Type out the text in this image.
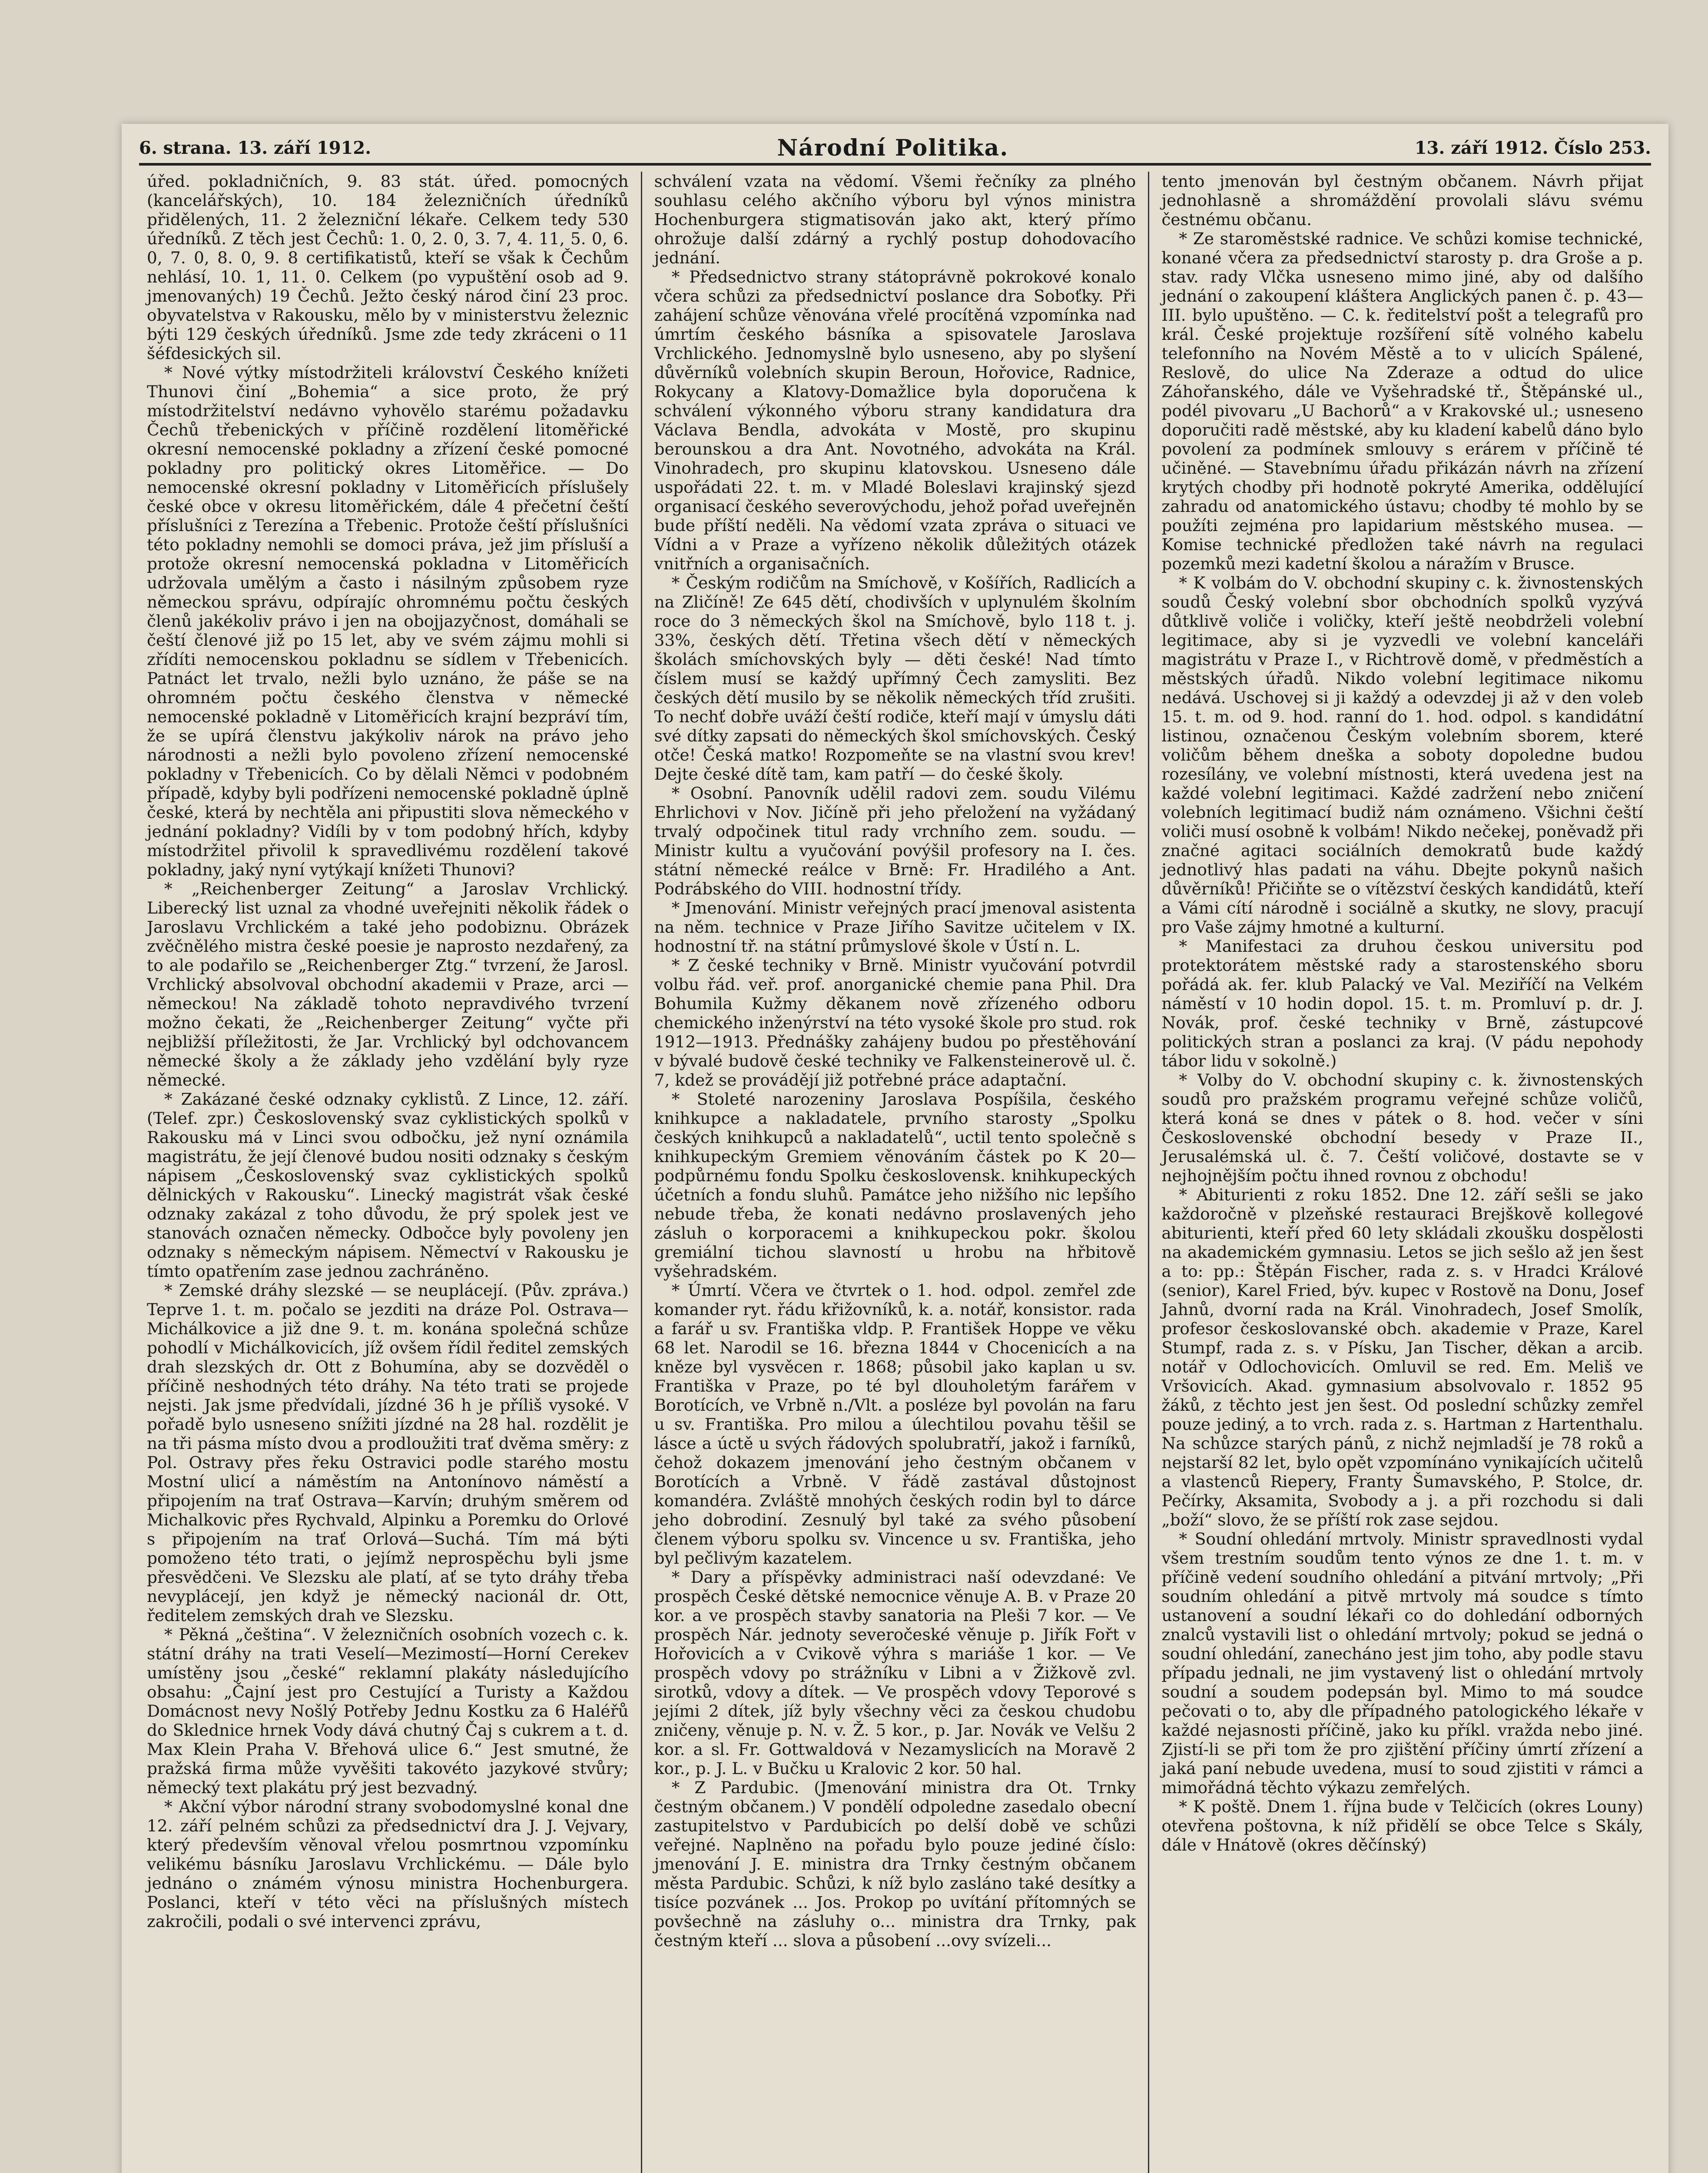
6. strana. 13. září 1912.	Národní Politika.	13. září 1912. Číslo 253.

úřed. pokladničních, 9. 83 stát. úřed. pomocných (kancelářských), 10. 184 železničních úředníků přidělených, 11. 2 železniční lékaře. Celkem tedy 530 úředníků. Z těch jest Čechů: 1. 0, 2. 0, 3. 7, 4. 11, 5. 0, 6. 0, 7. 0, 8. 0, 9. 8 certifikatistů, kteří se však k Čechům nehlásí, 10. 1, 11. 0. Celkem (po vypuštění osob ad 9. jmenovaných) 19 Čechů. Ježto český národ činí 23 proc. obyvatelstva v Rakousku, mělo by v ministerstvu železnic býti 129 českých úředníků. Jsme zde tedy zkráceni o 11 šéfdesických sil.

* Nové výtky místodržiteli království Českého knížeti Thunovi činí „Bohemia“ a sice proto, že prý místodržitelství nedávno vyhovělo starému požadavku Čechů třebenických v příčině rozdělení litoměřické okresní nemocenské pokladny a zřízení české pomocné pokladny pro politický okres Litoměřice. — Do nemocenské okresní pokladny v Litoměřicích příslušely české obce v okresu litoměřickém, dále 4 přečetní čeští příslušníci z Terezína a Třebenic. Protože čeští příslušníci této pokladny nemohli se domoci práva, jež jim přísluší a protože okresní nemocenská pokladna v Litoměřicích udržovala umělým a často i násilným způsobem ryze německou správu, odpírajíc ohromnému počtu českých členů jakékoliv právo i jen na obojjazyčnost, domáhali se čeští členové již po 15 let, aby ve svém zájmu mohli si zřídíti nemocenskou pokladnu se sídlem v Třebenicích. Patnáct let trvalo, nežli bylo uznáno, že páše se na ohromném počtu českého členstva v německé nemocenské pokladně v Litoměřicích krajní bezpráví tím, že se upírá členstvu jakýkoliv nárok na právo jeho národnosti a nežli bylo povoleno zřízení nemocenské pokladny v Třebenicích. Co by dělali Němci v podobném případě, kdyby byli podřízeni nemocenské pokladně úplně české, která by nechtěla ani připustiti slova německého v jednání pokladny? Vidíli by v tom podobný hřích, kdyby místodržitel přivolil k spravedlivému rozdělení takové pokladny, jaký nyní vytýkají knížeti Thunovi?

* „Reichenberger Zeitung“ a Jaroslav Vrchlický. Liberecký list uznal za vhodné uveřejniti několik řádek o Jaroslavu Vrchlickém a také jeho podobiznu. Obrázek zvěčnělého mistra české poesie je naprosto nezdařený, za to ale podařilo se „Reichenberger Ztg.“ tvrzení, že Jarosl. Vrchlický absolvoval obchodní akademii v Praze, arci — německou! Na základě tohoto nepravdivého tvrzení možno čekati, že „Reichenberger Zeitung“ vyčte při nejbližší příležitosti, že Jar. Vrchlický byl odchovancem německé školy a že základy jeho vzdělání byly ryze německé.

* Zakázané české odznaky cyklistů. Z Lince, 12. září. (Telef. zpr.) Československý svaz cyklistických spolků v Rakousku má v Linci svou odbočku, jež nyní oznámila magistrátu, že její členové budou nositi odznaky s českým nápisem „Československý svaz cyklistických spolků dělnických v Rakousku“. Linecký magistrát však české odznaky zakázal z toho důvodu, že prý spolek jest ve stanovách označen německy. Odbočce byly povoleny jen odznaky s německým nápisem. Němectví v Rakousku je tímto opatřením zase jednou zachráněno.

* Zemské dráhy slezské — se neuplácejí. (Pův. zpráva.) Teprve 1. t. m. počalo se jezditi na dráze Pol. Ostrava—Michálkovice a již dne 9. t. m. konána společná schůze pohodlí v Michálkovicích, jíž ovšem řídil ředitel zemských drah slezských dr. Ott z Bohumína, aby se dozvěděl o příčině neshodných této dráhy. Na této trati se projede nejsti. Jak jsme předvídali, jízdné 36 h je příliš vysoké. V pořadě bylo usneseno snížiti jízdné na 28 hal. rozdělit je na tři pásma místo dvou a prodloužiti trať dvěma směry: z Pol. Ostravy přes řeku Ostravici podle starého mostu Mostní ulicí a náměstím na Antonínovo náměstí a připojením na trať Ostrava—Karvín; druhým směrem od Michalkovic přes Rychvald, Alpinku a Poremku do Orlové s připojením na trať Orlová—Suchá. Tím má býti pomoženo této trati, o jejímž neprospěchu byli jsme přesvědčeni. Ve Slezsku ale platí, ať se tyto dráhy třeba nevyplácejí, jen když je německý nacionál dr. Ott, ředitelem zemských drah ve Slezsku.

* Pěkná „čeština“. V železničních osobních vozech c. k. státní dráhy na trati Veselí—Mezimostí—Horní Cerekev umístěny jsou „české“ reklamní plakáty následujícího obsahu: „Čajní jest pro Cestující a Turisty a Každou Domácnost nevy Nošlý Potřeby Jednu Kostku za 6 Haléřů do Sklednice hrnek Vody dává chutný Čaj s cukrem a t. d. Max Klein Praha V. Břehová ulice 6.“ Jest smutné, že pražská firma může vyvěšiti takovéto jazykové stvůry; německý text plakátu prý jest bezvadný.

* Akční výbor národní strany svobodomyslné konal dne 12. září pelném schůzi za předsednictví dra J. J. Vejvary, který především věnoval vřelou posmrtnou vzpomínku velikému básníku Jaroslavu Vrchlickému. — Dále bylo jednáno o známém výnosu ministra Hochenburgera. Poslanci, kteří v této věci na příslušných místech zakročili, podali o své intervenci zprávu,

schválení vzata na vědomí. Všemi řečníky za plného souhlasu celého akčního výboru byl výnos ministra Hochenburgera stigmatisován jako akt, který přímo ohrožuje další zdárný a rychlý postup dohodovacího jednání.

* Předsednictvo strany státoprávně pokrokové konalo včera schůzi za předsednictví poslance dra Soboťky. Při zahájení schůze věnována vřelé procítěná vzpomínka nad úmrtím českého básníka a spisovatele Jaroslava Vrchlického. Jednomyslně bylo usneseno, aby po slyšení důvěrníků volebních skupin Beroun, Hořovice, Radnice, Rokycany a Klatovy-Domažlice byla doporučena k schválení výkonného výboru strany kandidatura dra Václava Bendla, advokáta v Mostě, pro skupinu berounskou a dra Ant. Novotného, advokáta na Král. Vinohradech, pro skupinu klatovskou. Usneseno dále uspořádati 22. t. m. v Mladé Boleslavi krajinský sjezd organisací českého severovýchodu, jehož pořad uveřejněn bude příští neděli. Na vědomí vzata zpráva o situaci ve Vídni a v Praze a vyřízeno několik důležitých otázek vnitřních a organisačních.

* Českým rodičům na Smíchově, v Košířích, Radlicích a na Zličíně! Ze 645 dětí, chodivších v uplynulém školním roce do 3 německých škol na Smíchově, bylo 118 t. j. 33%, českých dětí. Třetina všech dětí v německých školách smíchovských byly — děti české! Nad tímto číslem musí se každý upřímný Čech zamysliti. Bez českých dětí musilo by se několik německých tříd zrušiti. To nechť dobře uváží čeští rodiče, kteří mají v úmyslu dáti své dítky zapsati do německých škol smíchovských. Český otče! Česká matko! Rozpomeňte se na vlastní svou krev! Dejte české dítě tam, kam patří — do české školy.

* Osobní. Panovník udělil radovi zem. soudu Vilému Ehrlichovi v Nov. Jičíně při jeho přeložení na vyžádaný trvalý odpočinek titul rady vrchního zem. soudu. — Ministr kultu a vyučování povýšil profesory na I. čes. státní německé reálce v Brně: Fr. Hradilého a Ant. Podrábského do VIII. hodnostní třídy.

* Jmenování. Ministr veřejných prací jmenoval asistenta na něm. technice v Praze Jiřího Savitze učitelem v IX. hodnostní tř. na státní průmyslové škole v Ústí n. L.

* Z české techniky v Brně. Ministr vyučování potvrdil volbu řád. veř. prof. anorganické chemie pana Phil. Dra Bohumila Kužmy děkanem nově zřízeného odboru chemického inženýrství na této vysoké škole pro stud. rok 1912—1913. Přednášky zahájeny budou po přestěhování v bývalé budově české techniky ve Falkensteinerově ul. č. 7, kdež se provádějí již potřebné práce adaptační.

* Stoleté narozeniny Jaroslava Pospíšila, českého knihkupce a nakladatele, prvního starosty „Spolku českých knihkupců a nakladatelů“, uctil tento společně s knihkupeckým Gremiem věnováním částek po K 20— podpůrnému fondu Spolku československ. knihkupeckých účetních a fondu sluhů. Památce jeho nižšího nic lepšího nebude třeba, že konati nedávno proslavených jeho zásluh o korporacemi a knihkupeckou pokr. školou gremiální tichou slavností u hrobu na hřbitově vyšehradském.

* Úmrtí. Včera ve čtvrtek o 1. hod. odpol. zemřel zde komander ryt. řádu křižovníků, k. a. notář, konsistor. rada a farář u sv. Františka vldp. P. František Hoppe ve věku 68 let. Narodil se 16. března 1844 v Chocenicích a na kněze byl vysvěcen r. 1868; působil jako kaplan u sv. Františka v Praze, po té byl dlouholetým farářem v Borotících, ve Vrbně n./Vlt. a posléze byl povolán na faru u sv. Františka. Pro milou a úlechtilou povahu těšil se lásce a úctě u svých řádových spolubratří, jakož i farníků, čehož dokazem jmenování jeho čestným občanem v Borotících a Vrbně. V řádě zastával důstojnost komandéra. Zvláště mnohých českých rodin byl to dárce jeho dobrodiní. Zesnulý byl také za svého působení členem výboru spolku sv. Vincence u sv. Františka, jeho byl pečlivým kazatelem.

* Dary a příspěvky administraci naší odevzdané: Ve prospěch České dětské nemocnice věnuje A. B. v Praze 20 kor. a ve prospěch stavby sanatoria na Pleši 7 kor. — Ve prospěch Nár. jednoty severočeské věnuje p. Jiřík Fořt v Hořovicích a v Cvikově výhra s mariáše 1 kor. — Ve prospěch vdovy po strážníku v Libni a v Žižkově zvl. sirotků, vdovy a dítek. — Ve prospěch vdovy Teporové s jejími 2 dítek, jíž byly všechny věci za českou chudobu zničeny, věnuje p. N. v. Ž. 5 kor., p. Jar. Novák ve Velšu 2 kor. a sl. Fr. Gottwaldová v Nezamyslicích na Moravě 2 kor., p. J. L. v Bučku u Kralovic 2 kor. 50 hal.

* Z Pardubic. (Jmenování ministra dra Ot. Trnky čestným občanem.) V pondělí odpoledne zasedalo obecní zastupitelstvo v Pardubicích po delší době ve schůzi veřejné. Naplněno na pořadu bylo pouze jediné číslo: jmenování J. E. ministra dra Trnky čestným občanem města Pardubic. Schůzi, k níž bylo zasláno také desítky a tisíce pozvánek ... Jos. Prokop po uvítání přítomných se povšechně na zásluhy o... ministra dra Trnky, pak čestným kteří ... slova a působení ...ovy svízeli...

tento jmenován byl čestným občanem. Návrh přijat jednohlasně a shromáždění provolali slávu svému čestnému občanu.

* Ze staroměstské radnice. Ve schůzi komise technické, konané včera za předsednictví starosty p. dra Groše a p. stav. rady Vlčka usneseno mimo jiné, aby od dalšího jednání o zakoupení kláštera Anglických panen č. p. 43—III. bylo upuštěno. — C. k. ředitelství pošt a telegrafů pro král. České projektuje rozšíření sítě volného kabelu telefonního na Novém Městě a to v ulicích Spálené, Reslově, do ulice Na Zderaze a odtud do ulice Záhořanského, dále ve Vyšehradské tř., Štěpánské ul., podél pivovaru „U Bachorů“ a v Krakovské ul.; usneseno doporučiti radě městské, aby ku kladení kabelů dáno bylo povolení za podmínek smlouvy s erárem v příčině té učiněné. — Stavebnímu úřadu přikázán návrh na zřízení krytých chodby při hodnotě pokryté Amerika, oddělující zahradu od anatomického ústavu; chodby té mohlo by se použíti zejména pro lapidarium městského musea. — Komise technické předložen také návrh na regulaci pozemků mezi kadetní školou a náražím v Brusce.

* K volbám do V. obchodní skupiny c. k. živnostenských soudů Český volební sbor obchodních spolků vyzývá důtklivě voliče i voličky, kteří ještě neobdrželi volební legitimace, aby si je vyzvedli ve volební kanceláři magistrátu v Praze I., v Richtrově domě, v předměstích a městských úřadů. Nikdo volební legitimace nikomu nedává. Uschovej si ji každý a odevzdej ji až v den voleb 15. t. m. od 9. hod. ranní do 1. hod. odpol. s kandidátní listinou, označenou Českým volebním sborem, které voličům během dneška a soboty dopoledne budou rozesílány, ve volební místnosti, která uvedena jest na každé volební legitimaci. Každé zadržení nebo zničení volebních legitimací budiž nám oznámeno. Všichni čeští voliči musí osobně k volbám! Nikdo nečekej, poněvadž při značné agitaci sociálních demokratů bude každý jednotlivý hlas padati na váhu. Dbejte pokynů našich důvěrníků! Přičiňte se o vítězství českých kandidátů, kteří a Vámi cítí národně i sociálně a skutky, ne slovy, pracují pro Vaše zájmy hmotné a kulturní.

* Manifestaci za druhou českou universitu pod protektorátem městské rady a starostenského sboru pořádá ak. fer. klub Palacký ve Val. Meziříčí na Velkém náměstí v 10 hodin dopol. 15. t. m. Promluví p. dr. J. Novák, prof. české techniky v Brně, zástupcové politických stran a poslanci za kraj. (V pádu nepohody tábor lidu v sokolně.)

* Volby do V. obchodní skupiny c. k. živnostenských soudů pro pražském programu veřejné schůze voličů, která koná se dnes v pátek o 8. hod. večer v síni Československé obchodní besedy v Praze II., Jerusalémská ul. č. 7. Čeští voličové, dostavte se v nejhojnějším počtu ihned rovnou z obchodu!

* Abiturienti z roku 1852. Dne 12. září sešli se jako každoročně v plzeňské restauraci Brejškově kollegové abiturienti, kteří před 60 lety skládali zkoušku dospělosti na akademickém gymnasiu. Letos se jich sešlo až jen šest a to: pp.: Štěpán Fischer, rada z. s. v Hradci Králové (senior), Karel Fried, býv. kupec v Rostově na Donu, Josef Jahnů, dvorní rada na Král. Vinohradech, Josef Smolík, profesor českoslovanské obch. akademie v Praze, Karel Stumpf, rada z. s. v Písku, Jan Tischer, děkan a arcib. notář v Odlochovicích. Omluvil se red. Em. Meliš ve Vršovicích. Akad. gymnasium absolvovalo r. 1852 95 žáků, z těchto jest jen šest. Od poslední schůzky zemřel pouze jediný, a to vrch. rada z. s. Hartman z Hartenthalu. Na schůzce starých pánů, z nichž nejmladší je 78 roků a nejstarší 82 let, bylo opět vzpomínáno vynikajících učitelů a vlastenců Riepery, Franty Šumavského, P. Stolce, dr. Pečírky, Aksamita, Svobody a j. a při rozchodu si dali „boží“ slovo, že se příští rok zase sejdou.

* Soudní ohledání mrtvoly. Ministr spravedlnosti vydal všem trestním soudům tento výnos ze dne 1. t. m. v příčině vedení soudního ohledání a pitvání mrtvoly; „Při soudním ohledání a pitvě mrtvoly má soudce s tímto ustanovení a soudní lékaři co do dohledání odborných znalců vystavili list o ohledání mrtvoly; pokud se jedná o soudní ohledání, zanecháno jest jim toho, aby podle stavu případu jednali, ne jim vystavený list o ohledání mrtvoly soudní a soudem podepsán byl. Mimo to má soudce pečovati o to, aby dle případného patologického lékaře v každé nejasnosti příčině, jako ku příkl. vražda nebo jiné. Zjistí-li se při tom že pro zjištění příčiny úmrtí zřízení a jaká paní nebude uvedena, musí to soud zjistiti v rámci a mimořádná těchto výkazu zemřelých.

* K poště. Dnem 1. října bude v Telčicích (okres Louny) otevřena poštovna, k níž přidělí se obce Telce s Skály, dále v Hnátově (okres děčínský)
